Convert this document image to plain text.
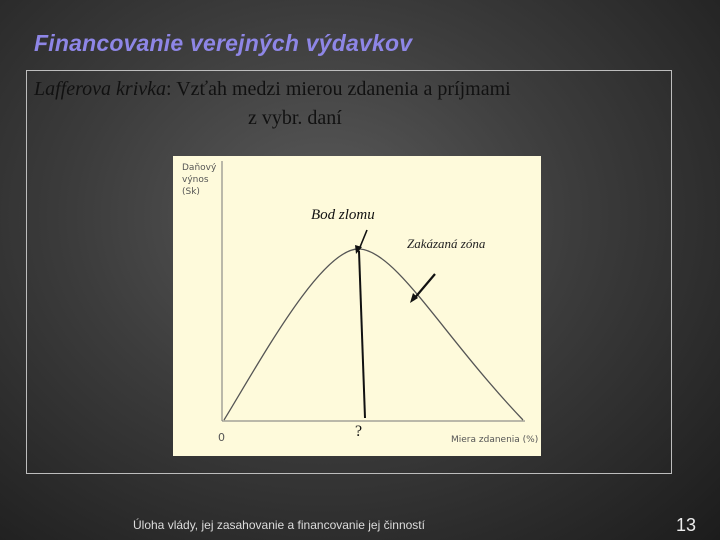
Financovanie verejných výdavkov
Lafferova krivka: Vzťah medzi mierou zdanenia a príjmami
z vybr. daní
Daňový
výnos
(Sk)
Bod zlomu
Zakázaná zóna
0	?	Miera zdanenia (%)
Úloha vlády, jej zasahovanie a financovanie jej činností	13
